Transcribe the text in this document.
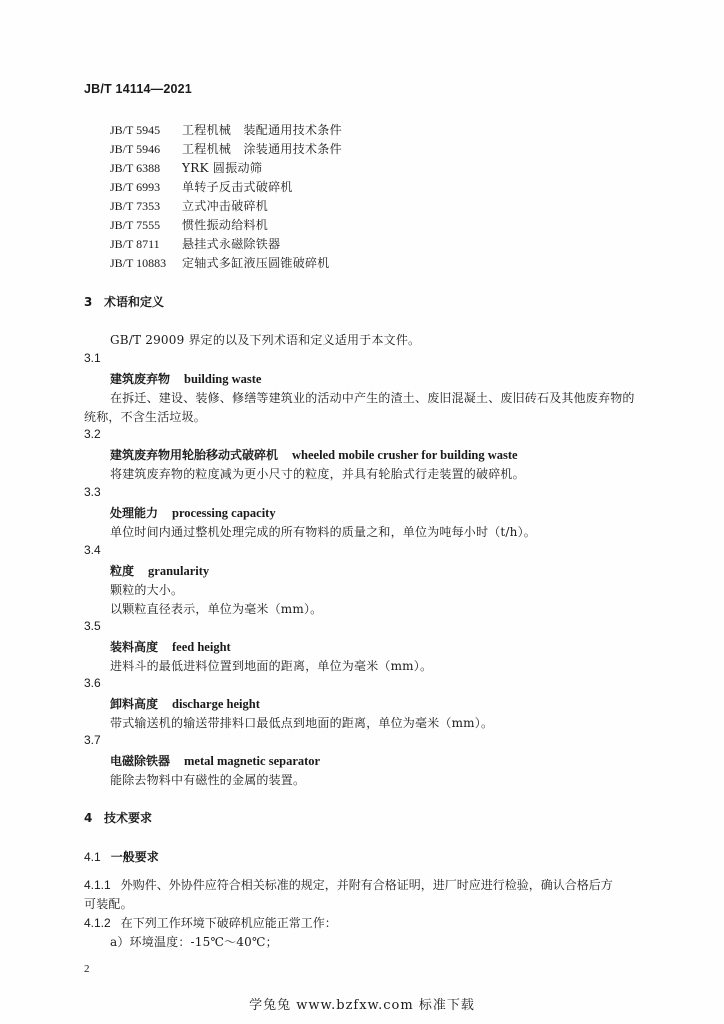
JB/T 14114—2021
JB/T 5945 工程机械　装配通用技术条件
JB/T 5946 工程机械　涂装通用技术条件
JB/T 6388 YRK 圆振动筛
JB/T 6993 单转子反击式破碎机
JB/T 7353 立式冲击破碎机
JB/T 7555 惯性振动给料机
JB/T 8711 悬挂式永磁除铁器
JB/T 10883 定轴式多缸液压圆锥破碎机
3 术语和定义
GB/T 29009 界定的以及下列术语和定义适用于本文件。
3.1
建筑废弃物 building waste
在拆迁、建设、装修、修缮等建筑业的活动中产生的渣土、废旧混凝土、废旧砖石及其他废弃物的
统称，不含生活垃圾。
3.2
建筑废弃物用轮胎移动式破碎机 wheeled mobile crusher for building waste
将建筑废弃物的粒度减为更小尺寸的粒度，并具有轮胎式行走装置的破碎机。
3.3
处理能力 processing capacity
单位时间内通过整机处理完成的所有物料的质量之和，单位为吨每小时（t/h）。
3.4
粒度 granularity
颗粒的大小。
以颗粒直径表示，单位为毫米（mm）。
3.5
装料高度 feed height
进料斗的最低进料位置到地面的距离，单位为毫米（mm）。
3.6
卸料高度 discharge height
带式输送机的输送带排料口最低点到地面的距离，单位为毫米（mm）。
3.7
电磁除铁器 metal magnetic separator
能除去物料中有磁性的金属的装置。
4 技术要求
4.1 一般要求
4.1.1 外购件、外协件应符合相关标准的规定，并附有合格证明，进厂时应进行检验，确认合格后方
可装配。
4.1.2 在下列工作环境下破碎机应能正常工作：
a）环境温度：-15℃～40℃；
2
学兔兔 www.bzfxw.com 标准下载
